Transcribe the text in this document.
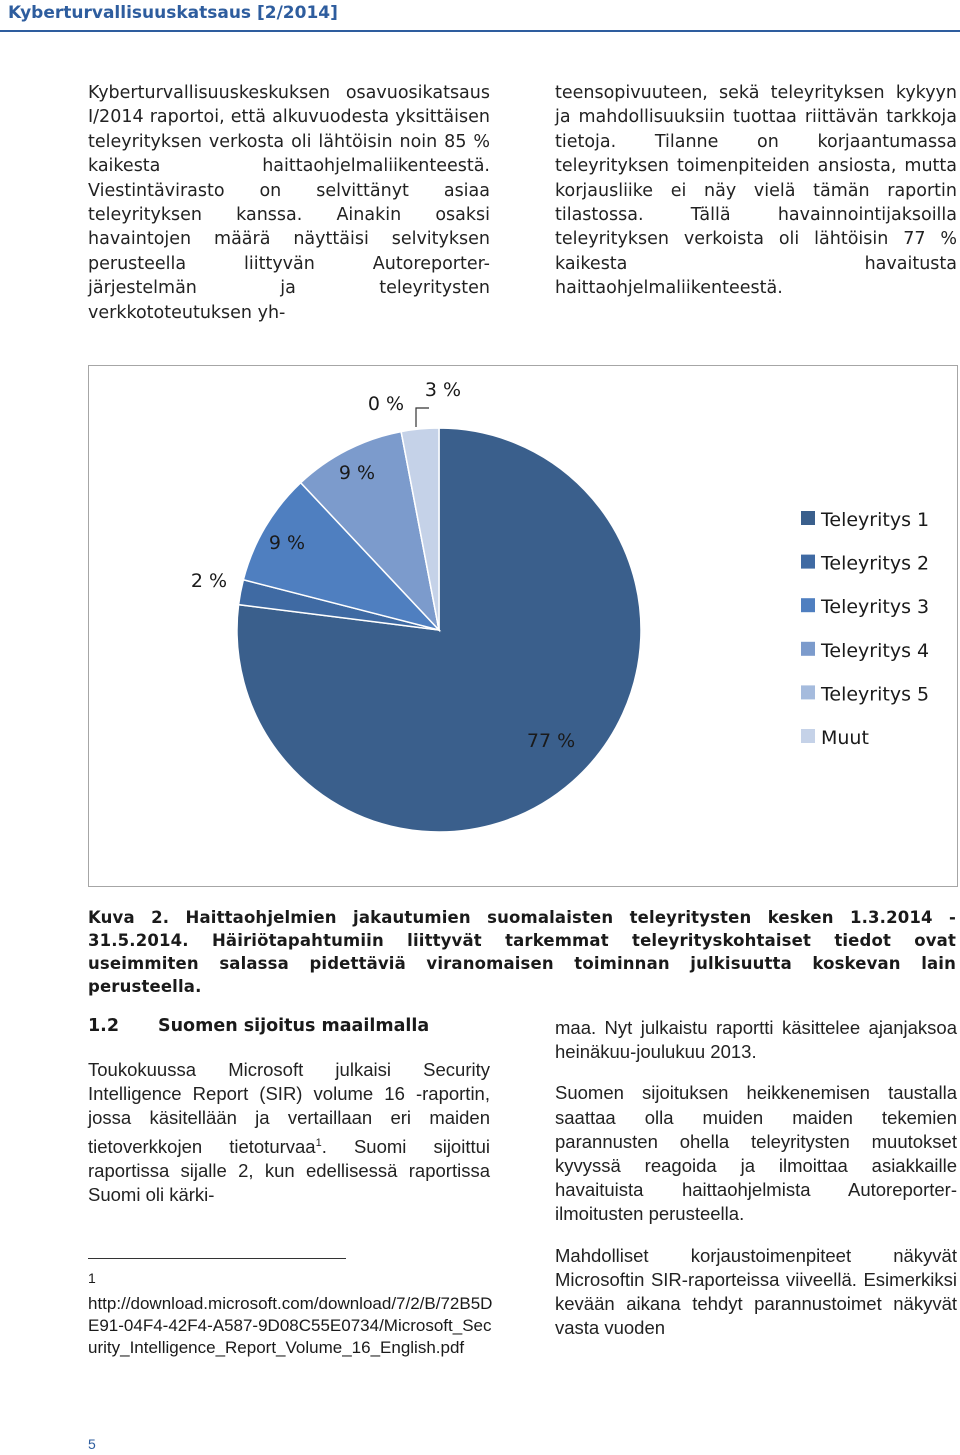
Kyberturvallisuuskatsaus [2/2014]

Kyberturvallisuuskeskuksen osavuosikatsaus I/2014 raportoi, että alkuvuodesta yksittäisen teleyrityksen verkosta oli lähtöisin noin 85 % kaikesta haittaohjelmaliikenteestä. Viestintävirasto on selvittänyt asiaa teleyrityksen kanssa. Ainakin osaksi havaintojen määrä näyttäisi selvityksen perusteella liittyvän Autoreporter-järjestelmän ja teleyritysten verkkototeutuksen yh-

teensopivuuteen, sekä teleyrityksen kykyyn ja mahdollisuuksiin tuottaa riittävän tarkkoja tietoja. Tilanne on korjaantumassa teleyrityksen toimenpiteiden ansiosta, mutta korjausliike ei näy vielä tämän raportin tilastossa. Tällä havainnointijaksoilla teleyrityksen verkoista oli lähtöisin 77 % kaikesta havaitusta haittaohjelmaliikenteestä.

77 %
2 %
9 %
9 %
0 %
3 %
Teleyritys 1
Teleyritys 2
Teleyritys 3
Teleyritys 4
Teleyritys 5
Muut
Kuva 2. Haittaohjelmien jakautumien suomalaisten teleyritysten kesken 1.3.2014 - 31.5.2014. Häiriötapahtumiin liittyvät tarkemmat teleyrityskohtaiset tiedot ovat useimmiten salassa pidettäviä viranomaisen toiminnan julkisuutta koskevan lain perusteella.
1.2 Suomen sijoitus maailmalla

Toukokuussa Microsoft julkaisi Security Intelligence Report (SIR) volume 16 -raportin, jossa käsitellään ja vertaillaan eri maiden tietoverkkojen tietoturvaa$^1$. Suomi sijoittui raportissa sijalle 2, kun edellisessä raportissa Suomi oli kärki-

maa. Nyt julkaistu raportti käsittelee ajanjaksoa heinäkuu-joulukuu 2013.

Suomen sijoituksen heikkenemisen taustalla saattaa olla muiden maiden tekemien parannusten ohella teleyritysten muutokset kyvyssä reagoida ja ilmoittaa asiakkaille havaituista haittaohjelmista Autoreporter-ilmoitusten perusteella.

Mahdolliset korjaustoimenpiteet näkyvät Microsoftin SIR-raporteissa viiveellä. Esimerkiksi kevään aikana tehdyt parannustoimet näkyvät vasta vuoden

1
http://download.microsoft.com/download/7/2/B/72B5DE91-04F4-42F4-A587-9D08C55E0734/Microsoft_Security_Intelligence_Report_Volume_16_English.pdf
5
